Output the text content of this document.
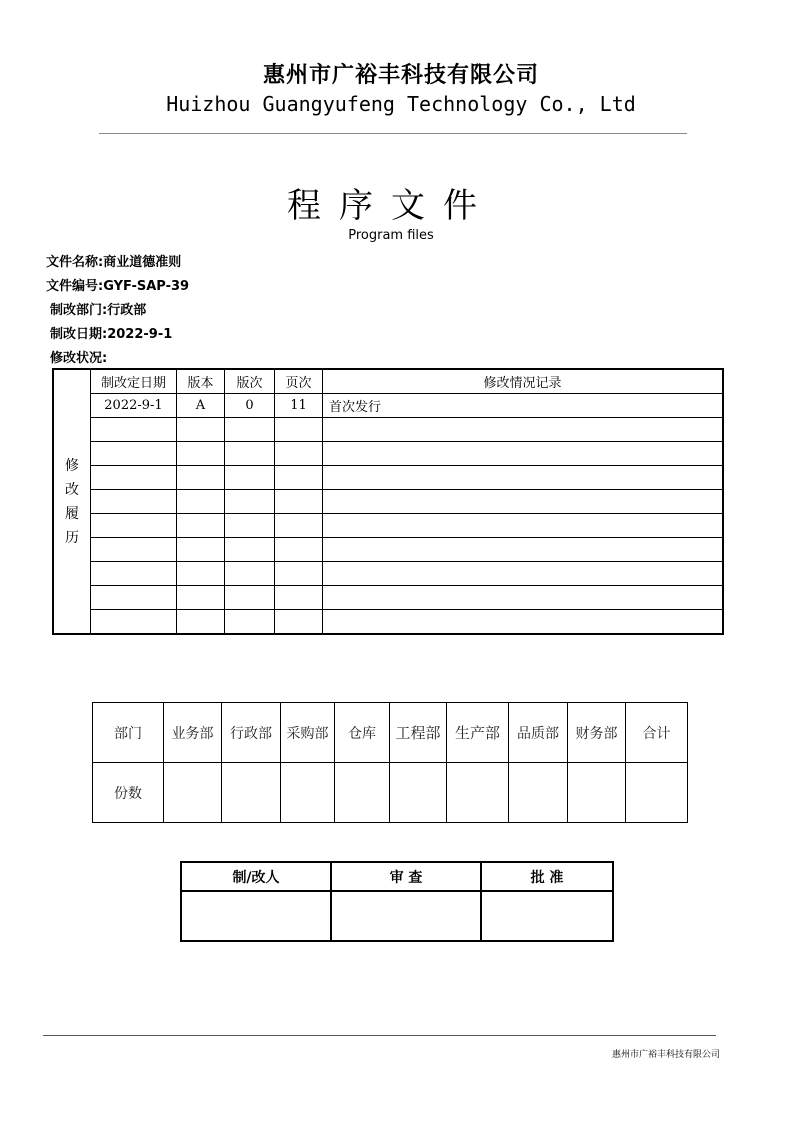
惠州市广裕丰科技有限公司
Huizhou Guangyufeng Technology Co., Ltd
程序文件
Program files
文件名称:商业道德准则
文件编号:GYF-SAP-39
制改部门:行政部
制改日期:2022-9-1
修改状况:
修
改
履
历	制改定日期	版本	版次	页次	修改情况记录
	2022-9-1	A	0	11	首次发行

部门	业务部	行政部	采购部	仓库	工程部	生产部	品质部	财务部	合计
份数									
制/改人	审 查	批 准

惠州市广裕丰科技有限公司
